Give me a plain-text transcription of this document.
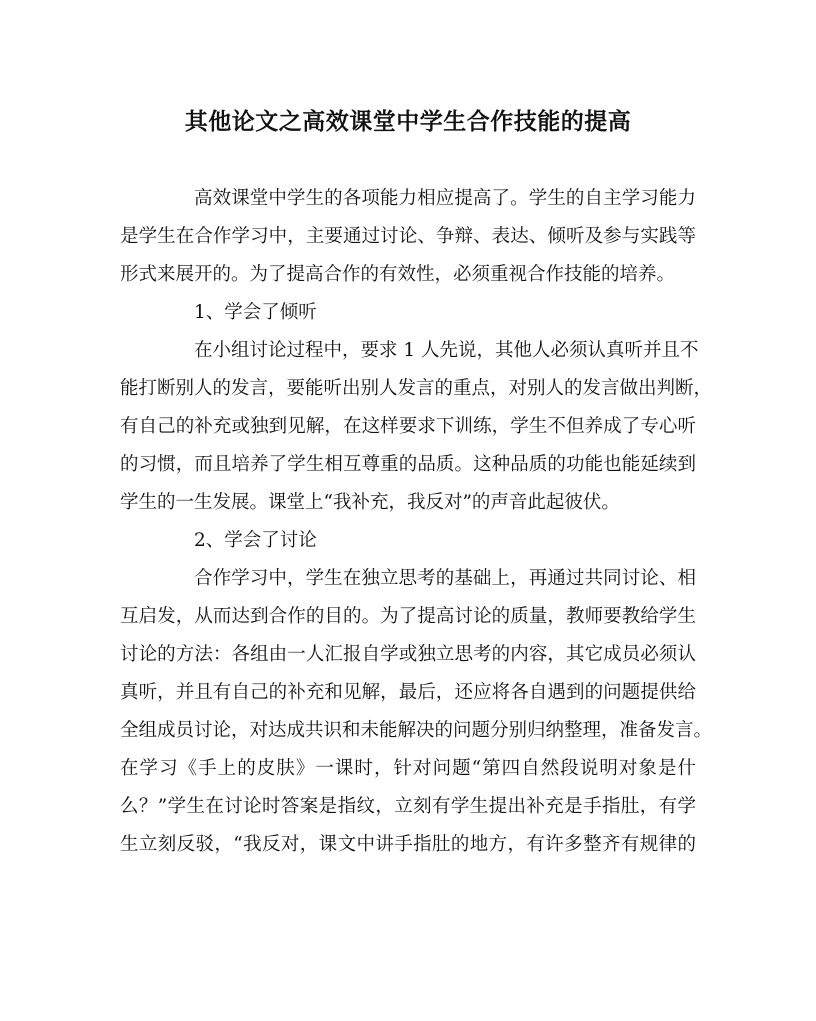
其他论文之高效课堂中学生合作技能的提高
高效课堂中学生的各项能力相应提高了。学生的自主学习能力
是学生在合作学习中，主要通过讨论、争辩、表达、倾听及参与实践等
形式来展开的。为了提高合作的有效性，必须重视合作技能的培养。
1、学会了倾听
在小组讨论过程中，要求 1 人先说，其他人必须认真听并且不
能打断别人的发言，要能听出别人发言的重点，对别人的发言做出判断，
有自己的补充或独到见解，在这样要求下训练，学生不但养成了专心听
的习惯，而且培养了学生相互尊重的品质。这种品质的功能也能延续到
学生的一生发展。课堂上“我补充，我反对”的声音此起彼伏。
2、学会了讨论
合作学习中，学生在独立思考的基础上，再通过共同讨论、相
互启发，从而达到合作的目的。为了提高讨论的质量，教师要教给学生
讨论的方法：各组由一人汇报自学或独立思考的内容，其它成员必须认
真听，并且有自己的补充和见解，最后，还应将各自遇到的问题提供给
全组成员讨论，对达成共识和未能解决的问题分别归纳整理，准备发言。
在学习《手上的皮肤》一课时，针对问题“第四自然段说明对象是什
么？”学生在讨论时答案是指纹，立刻有学生提出补充是手指肚，有学
生立刻反驳，“我反对，课文中讲手指肚的地方，有许多整齐有规律的
